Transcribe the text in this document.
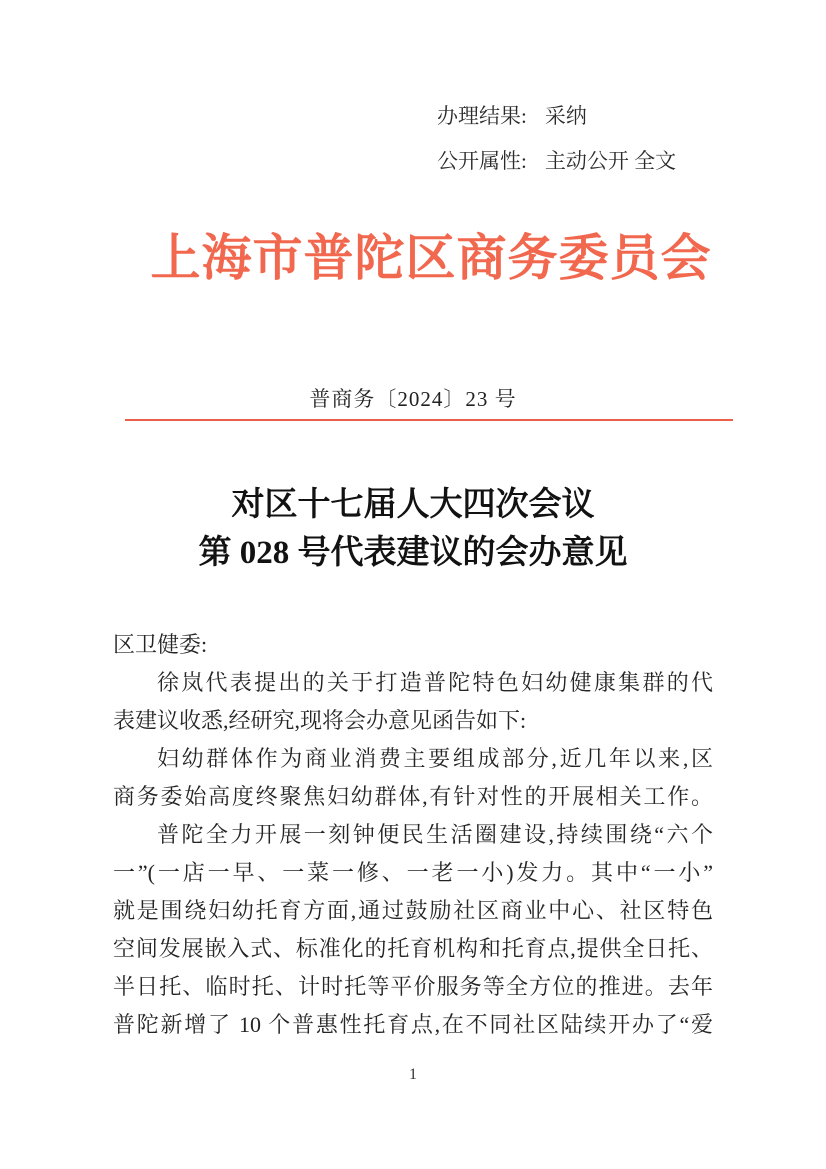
办理结果: 采纳
公开属性: 主动公开 全文
上海市普陀区商务委员会
普商务〔2024〕23 号
对区十七届人大四次会议
第 028 号代表建议的会办意见
区卫健委:
徐岚代表提出的关于打造普陀特色妇幼健康集群的代
表建议收悉,经研究,现将会办意见函告如下:
妇幼群体作为商业消费主要组成部分,近几年以来,区
商务委始高度终聚焦妇幼群体,有针对性的开展相关工作。
普陀全力开展一刻钟便民生活圈建设,持续围绕“六个
一”(一店一早、一菜一修、一老一小)发力。其中“一小”
就是围绕妇幼托育方面,通过鼓励社区商业中心、社区特色
空间发展嵌入式、标准化的托育机构和托育点,提供全日托、
半日托、临时托、计时托等平价服务等全方位的推进。去年
普陀新增了 10 个普惠性托育点,在不同社区陆续开办了“爱
1
